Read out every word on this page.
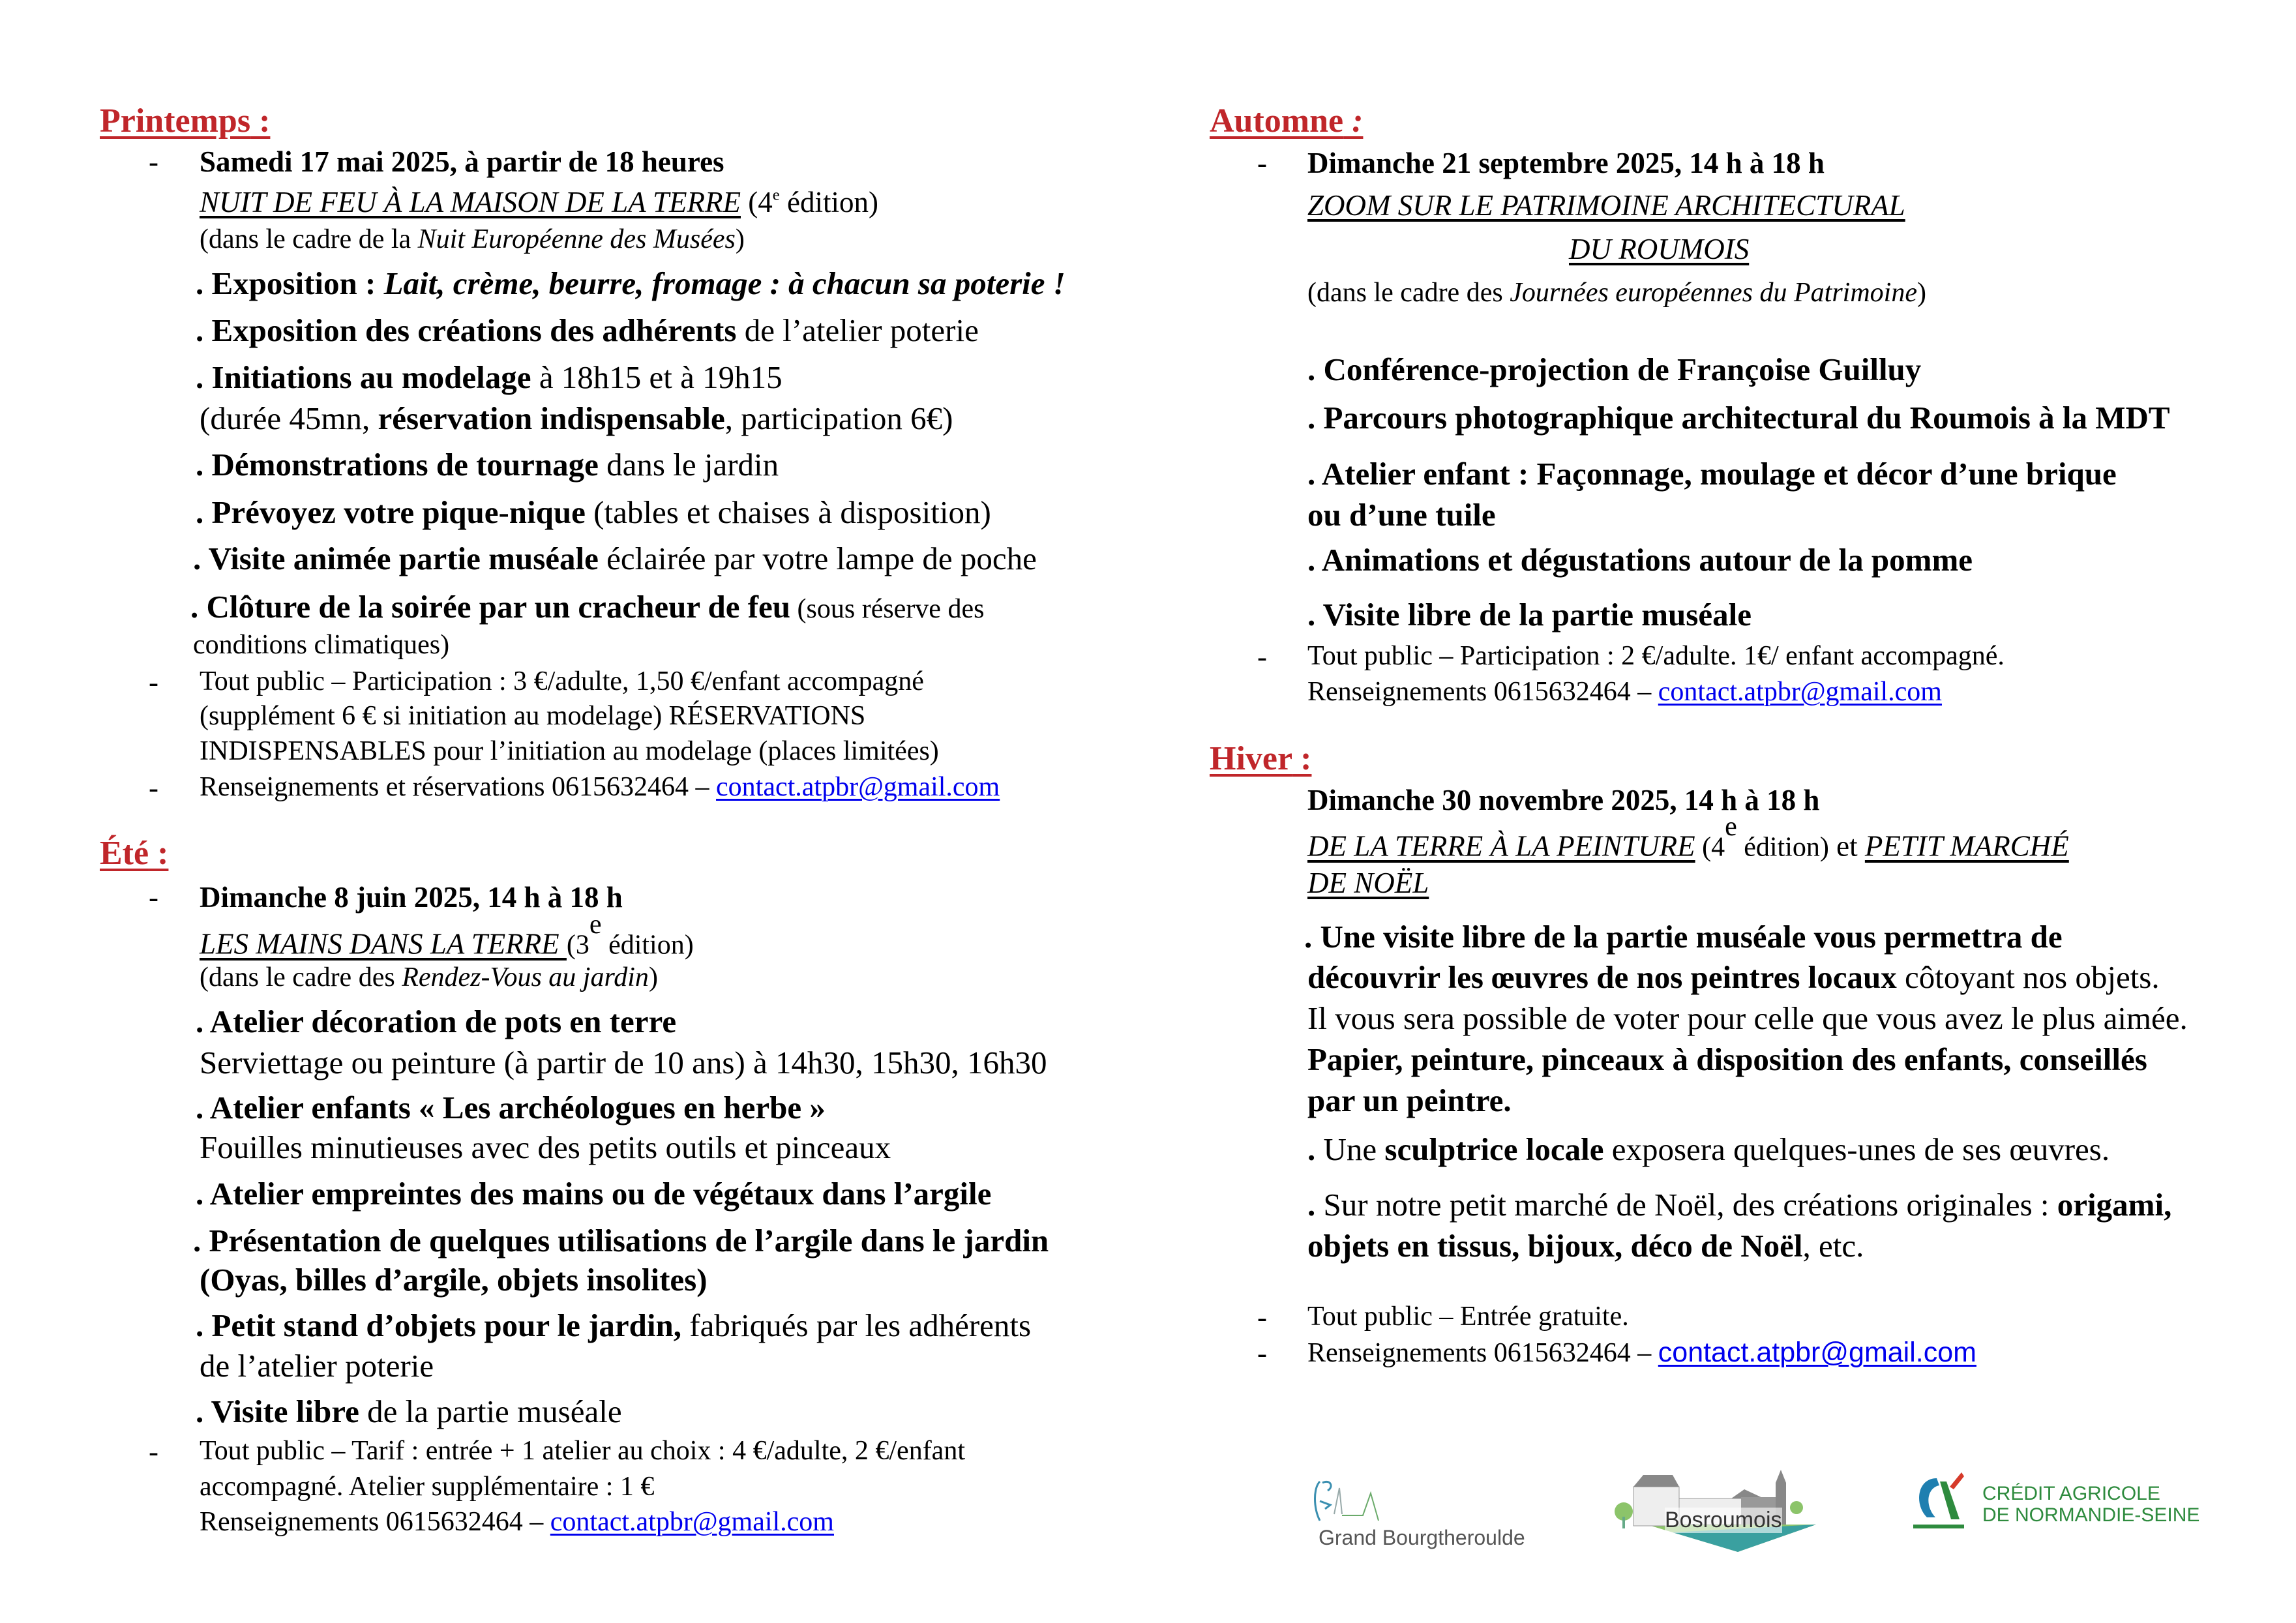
Printemps :
- Samedi 17 mai 2025, à partir de 18 heures
NUIT DE FEU À LA MAISON DE LA TERRE (4e édition)
(dans le cadre de la Nuit Européenne des Musées)
. Exposition : Lait, crème, beurre, fromage : à chacun sa poterie !
. Exposition des créations des adhérents de l’atelier poterie
. Initiations au modelage à 18h15 et à 19h15
(durée 45mn, réservation indispensable, participation 6€)
. Démonstrations de tournage dans le jardin
. Prévoyez votre pique-nique (tables et chaises à disposition)
. Visite animée partie muséale éclairée par votre lampe de poche
. Clôture de la soirée par un cracheur de feu (sous réserve des
conditions climatiques)
- Tout public – Participation : 3 €/adulte, 1,50 €/enfant accompagné
(supplément 6 € si initiation au modelage) RÉSERVATIONS
INDISPENSABLES pour l’initiation au modelage (places limitées)
- Renseignements et réservations 0615632464 – contact.atpbr@gmail.com
Été :
- Dimanche 8 juin 2025, 14 h à 18 h
LES MAINS DANS LA TERRE (3e édition)
(dans le cadre des Rendez-Vous au jardin)
. Atelier décoration de pots en terre
Serviettage ou peinture (à partir de 10 ans) à 14h30, 15h30, 16h30
. Atelier enfants « Les archéologues en herbe »
Fouilles minutieuses avec des petits outils et pinceaux
. Atelier empreintes des mains ou de végétaux dans l’argile
. Présentation de quelques utilisations de l’argile dans le jardin
(Oyas, billes d’argile, objets insolites)
. Petit stand d’objets pour le jardin, fabriqués par les adhérents
de l’atelier poterie
. Visite libre de la partie muséale
- Tout public – Tarif : entrée + 1 atelier au choix : 4 €/adulte, 2 €/enfant
accompagné. Atelier supplémentaire : 1 €
Renseignements 0615632464 – contact.atpbr@gmail.com
Automne :
- Dimanche 21 septembre 2025, 14 h à 18 h
ZOOM SUR LE PATRIMOINE ARCHITECTURAL
DU ROUMOIS
(dans le cadre des Journées européennes du Patrimoine)
. Conférence-projection de Françoise Guilluy
. Parcours photographique architectural du Roumois à la MDT
. Atelier enfant : Façonnage, moulage et décor d’une brique
ou d’une tuile
. Animations et dégustations autour de la pomme
. Visite libre de la partie muséale
- Tout public – Participation : 2 €/adulte. 1€/ enfant accompagné.
Renseignements 0615632464 – contact.atpbr@gmail.com
Hiver :
Dimanche 30 novembre 2025, 14 h à 18 h
DE LA TERRE À LA PEINTURE (4e édition) et PETIT MARCHÉ
DE NOËL
. Une visite libre de la partie muséale vous permettra de
découvrir les œuvres de nos peintres locaux côtoyant nos objets.
Il vous sera possible de voter pour celle que vous avez le plus aimée.
Papier, peinture, pinceaux à disposition des enfants, conseillés
par un peintre.
. Une sculptrice locale exposera quelques-unes de ses œuvres.
. Sur notre petit marché de Noël, des créations originales : origami,
objets en tissus, bijoux, déco de Noël, etc.
- Tout public – Entrée gratuite.
- Renseignements 0615632464 – contact.atpbr@gmail.com
Grand Bourgtheroulde
Bosroumois
CRÉDIT AGRICOLE
DE NORMANDIE-SEINE
